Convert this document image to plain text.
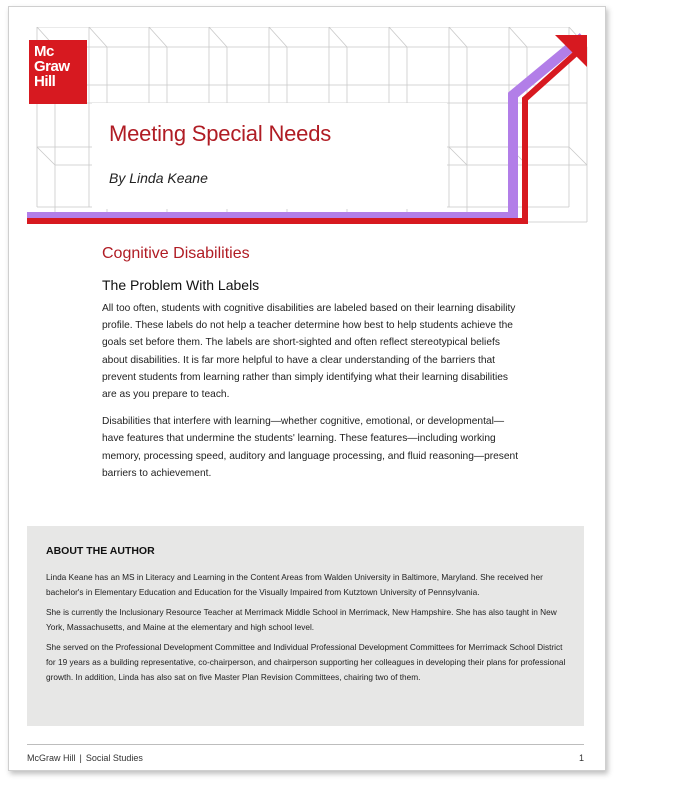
Mc
Graw
Hill
Meeting Special Needs

By Linda Keane

Cognitive Disabilities
The Problem With Labels

All too often, students with cognitive disabilities are labeled based on their learning disability profile. These labels do not help a teacher determine how best to help students achieve the goals set before them. The labels are short-sighted and often reflect stereotypical beliefs about disabilities. It is far more helpful to have a clear understanding of the barriers that prevent students from learning rather than simply identifying what their learning disabilities are as you prepare to teach.

Disabilities that interfere with learning—whether cognitive, emotional, or developmental—have features that undermine the students' learning. These features—including working memory, processing speed, auditory and language processing, and fluid reasoning—present barriers to achievement.

ABOUT THE AUTHOR

Linda Keane has an MS in Literacy and Learning in the Content Areas from Walden University in Baltimore, Maryland. She received her bachelor's in Elementary Education and Education for the Visually Impaired from Kutztown University of Pennsylvania.

She is currently the Inclusionary Resource Teacher at Merrimack Middle School in Merrimack, New Hampshire. She has also taught in New York, Massachusetts, and Maine at the elementary and high school level.

She served on the Professional Development Committee and Individual Professional Development Committees for Merrimack School District for 19 years as a building representative, co-chairperson, and chairperson supporting her colleagues in developing their plans for professional growth. In addition, Linda has also sat on five Master Plan Revision Committees, chairing two of them.

McGraw Hill | Social Studies	1
